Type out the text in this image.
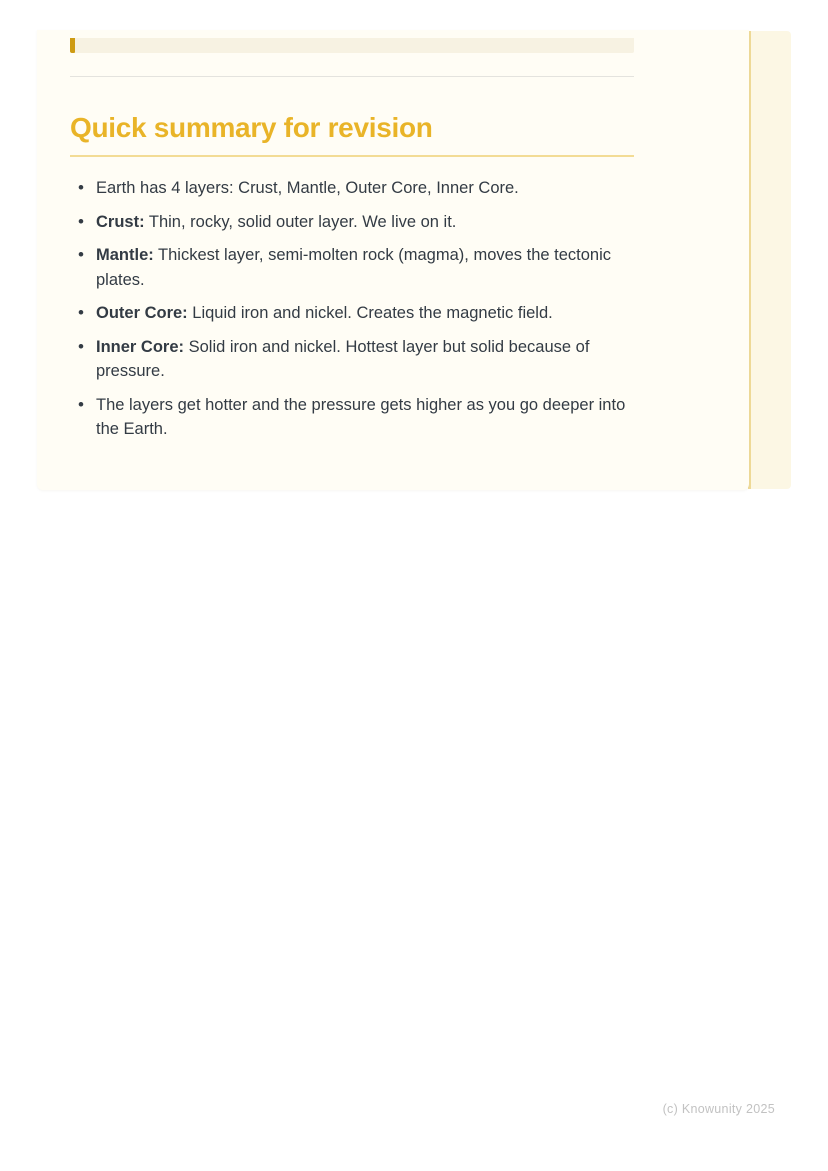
Quick summary for revision
• Earth has 4 layers: Crust, Mantle, Outer Core, Inner Core.
• Crust: Thin, rocky, solid outer layer. We live on it.
• Mantle: Thickest layer, semi-molten rock (magma), moves the tectonic plates.
• Outer Core: Liquid iron and nickel. Creates the magnetic field.
• Inner Core: Solid iron and nickel. Hottest layer but solid because of pressure.
• The layers get hotter and the pressure gets higher as you go deeper into the Earth.
(c) Knowunity 2025
